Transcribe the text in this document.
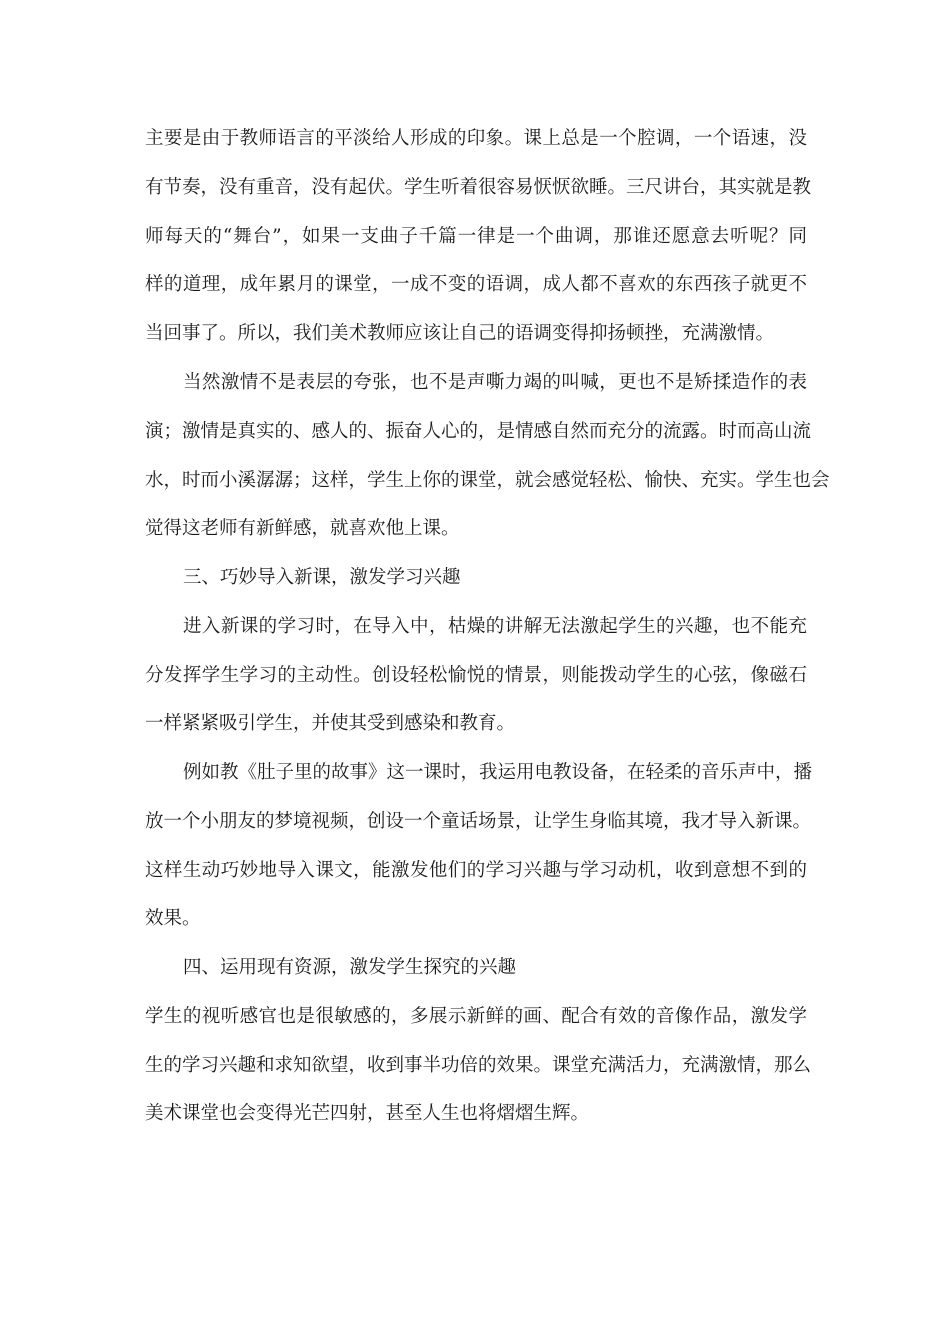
主要是由于教师语言的平淡给人形成的印象。课上总是一个腔调，一个语速，没
有节奏，没有重音，没有起伏。学生听着很容易恹恹欲睡。三尺讲台，其实就是教
师每天的“舞台”，如果一支曲子千篇一律是一个曲调，那谁还愿意去听呢？同
样的道理，成年累月的课堂，一成不变的语调，成人都不喜欢的东西孩子就更不
当回事了。所以，我们美术教师应该让自己的语调变得抑扬顿挫，充满激情。
当然激情不是表层的夸张，也不是声嘶力竭的叫喊，更也不是矫揉造作的表
演；激情是真实的、感人的、振奋人心的，是情感自然而充分的流露。时而高山流
水，时而小溪潺潺；这样，学生上你的课堂，就会感觉轻松、愉快、充实。学生也会
觉得这老师有新鲜感，就喜欢他上课。
三、巧妙导入新课，激发学习兴趣
进入新课的学习时，在导入中，枯燥的讲解无法激起学生的兴趣，也不能充
分发挥学生学习的主动性。创设轻松愉悦的情景，则能拨动学生的心弦，像磁石
一样紧紧吸引学生，并使其受到感染和教育。
例如教《肚子里的故事》这一课时，我运用电教设备，在轻柔的音乐声中，播
放一个小朋友的梦境视频，创设一个童话场景，让学生身临其境，我才导入新课。
这样生动巧妙地导入课文，能激发他们的学习兴趣与学习动机，收到意想不到的
效果。
四、运用现有资源，激发学生探究的兴趣
学生的视听感官也是很敏感的，多展示新鲜的画、配合有效的音像作品，激发学
生的学习兴趣和求知欲望，收到事半功倍的效果。课堂充满活力，充满激情，那么
美术课堂也会变得光芒四射，甚至人生也将熠熠生辉。
